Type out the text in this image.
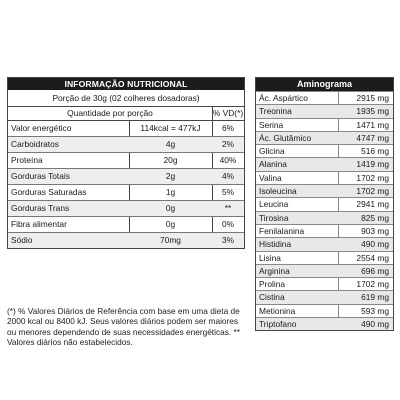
INFORMAÇÃO NUTRICIONAL
Porção de 30g (02 colheres dosadoras)
Quantidade por porção	% VD(*)
Valor energético	114kcal = 477kJ	6%
Carboidratos	4g	2%
Proteína	20g	40%
Gorduras Totais	2g	4%
Gorduras Saturadas	1g	5%
Gorduras Trans	0g	**
Fibra alimentar	0g	0%
Sódio	70mg	3%
(*) % Valores Diários de Referência com base em uma dieta de 2000 kcal ou 8400 kJ. Seus valores diários podem ser maiores ou menores dependendo de suas necessidades energéticas. ** Valores diários não estabelecidos.
Aminograma
Ác. Aspártico	2915 mg
Treonina	1935 mg
Serina	1471 mg
Ác. Glutâmico	4747 mg
Glicina	516 mg
Alanina	1419 mg
Valina	1702 mg
Isoleucina	1702 mg
Leucina	2941 mg
Tirosina	825 mg
Fenilalanina	903 mg
Histidina	490 mg
Lisina	2554 mg
Arginina	696 mg
Prolina	1702 mg
Cistina	619 mg
Metionina	593 mg
Triptofano	490 mg
